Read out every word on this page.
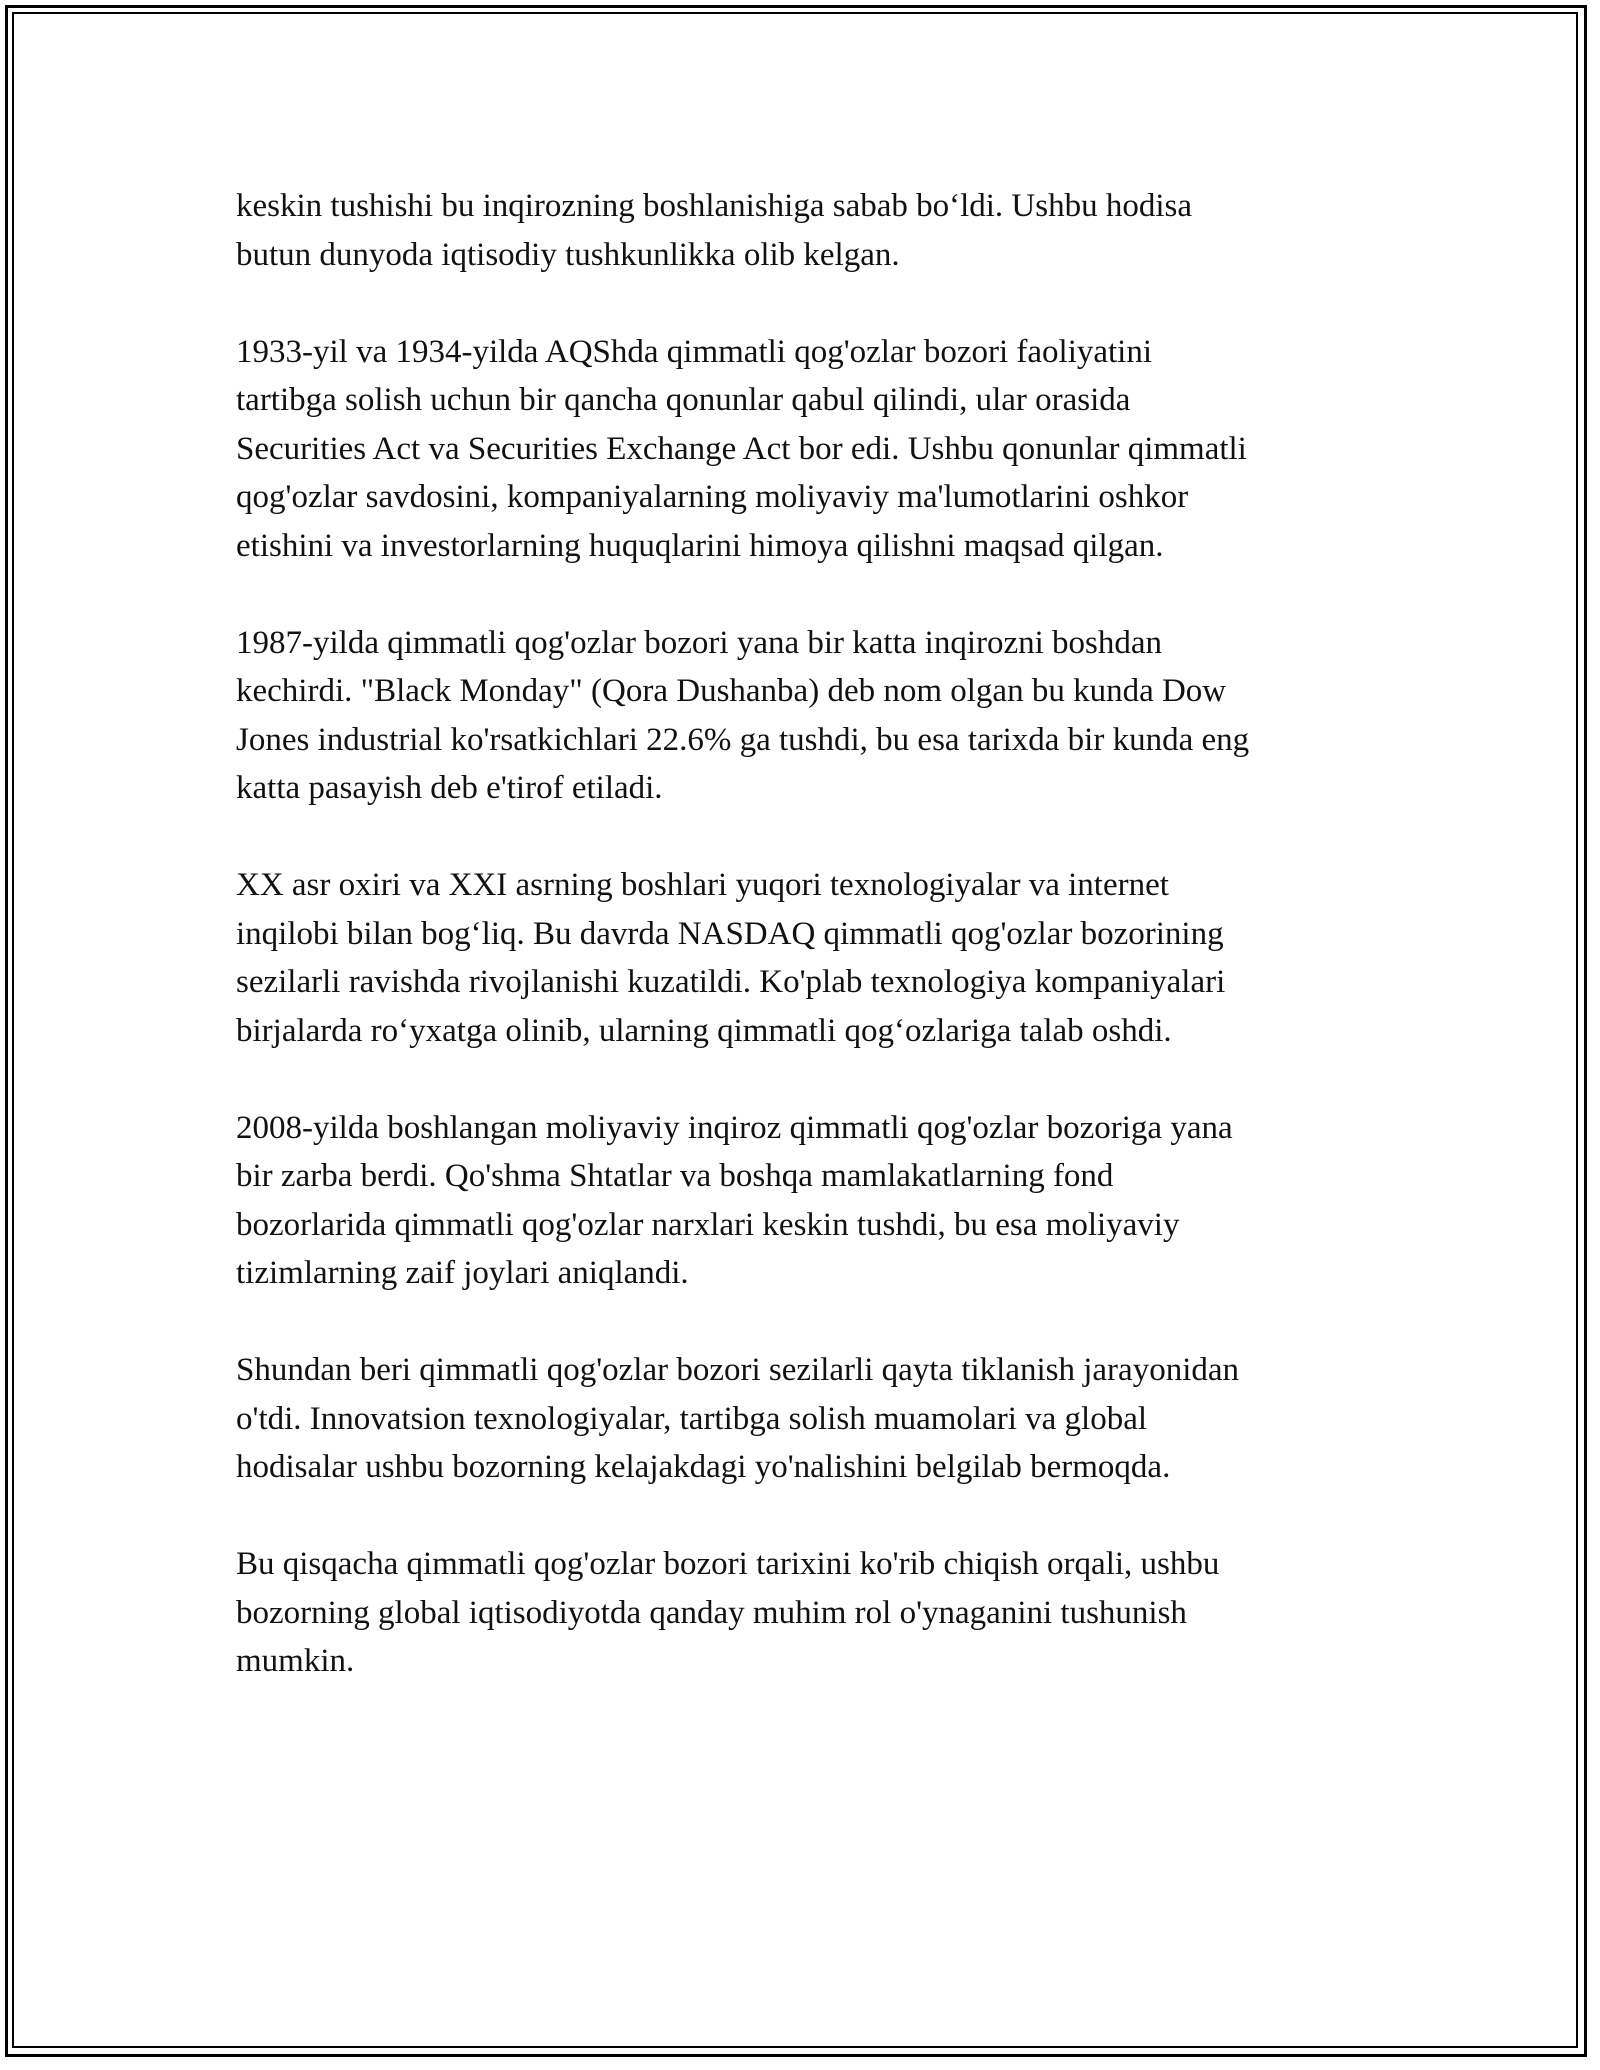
keskin tushishi bu inqirozning boshlanishiga sabab bo‘ldi. Ushbu hodisa
butun dunyoda iqtisodiy tushkunlikka olib kelgan.

1933-yil va 1934-yilda AQShda qimmatli qog'ozlar bozori faoliyatini
tartibga solish uchun bir qancha qonunlar qabul qilindi, ular orasida
Securities Act va Securities Exchange Act bor edi. Ushbu qonunlar qimmatli
qog'ozlar savdosini, kompaniyalarning moliyaviy ma'lumotlarini oshkor
etishini va investorlarning huquqlarini himoya qilishni maqsad qilgan.

1987-yilda qimmatli qog'ozlar bozori yana bir katta inqirozni boshdan
kechirdi. "Black Monday" (Qora Dushanba) deb nom olgan bu kunda Dow
Jones industrial ko'rsatkichlari 22.6% ga tushdi, bu esa tarixda bir kunda eng
katta pasayish deb e'tirof etiladi.

XX asr oxiri va XXI asrning boshlari yuqori texnologiyalar va internet
inqilobi bilan bog‘liq. Bu davrda NASDAQ qimmatli qog'ozlar bozorining
sezilarli ravishda rivojlanishi kuzatildi. Ko'plab texnologiya kompaniyalari
birjalarda ro‘yxatga olinib, ularning qimmatli qog‘ozlariga talab oshdi.

2008-yilda boshlangan moliyaviy inqiroz qimmatli qog'ozlar bozoriga yana
bir zarba berdi. Qo'shma Shtatlar va boshqa mamlakatlarning fond
bozorlarida qimmatli qog'ozlar narxlari keskin tushdi, bu esa moliyaviy
tizimlarning zaif joylari aniqlandi.

Shundan beri qimmatli qog'ozlar bozori sezilarli qayta tiklanish jarayonidan
o'tdi. Innovatsion texnologiyalar, tartibga solish muamolari va global
hodisalar ushbu bozorning kelajakdagi yo'nalishini belgilab bermoqda.

Bu qisqacha qimmatli qog'ozlar bozori tarixini ko'rib chiqish orqali, ushbu
bozorning global iqtisodiyotda qanday muhim rol o'ynaganini tushunish
mumkin.
